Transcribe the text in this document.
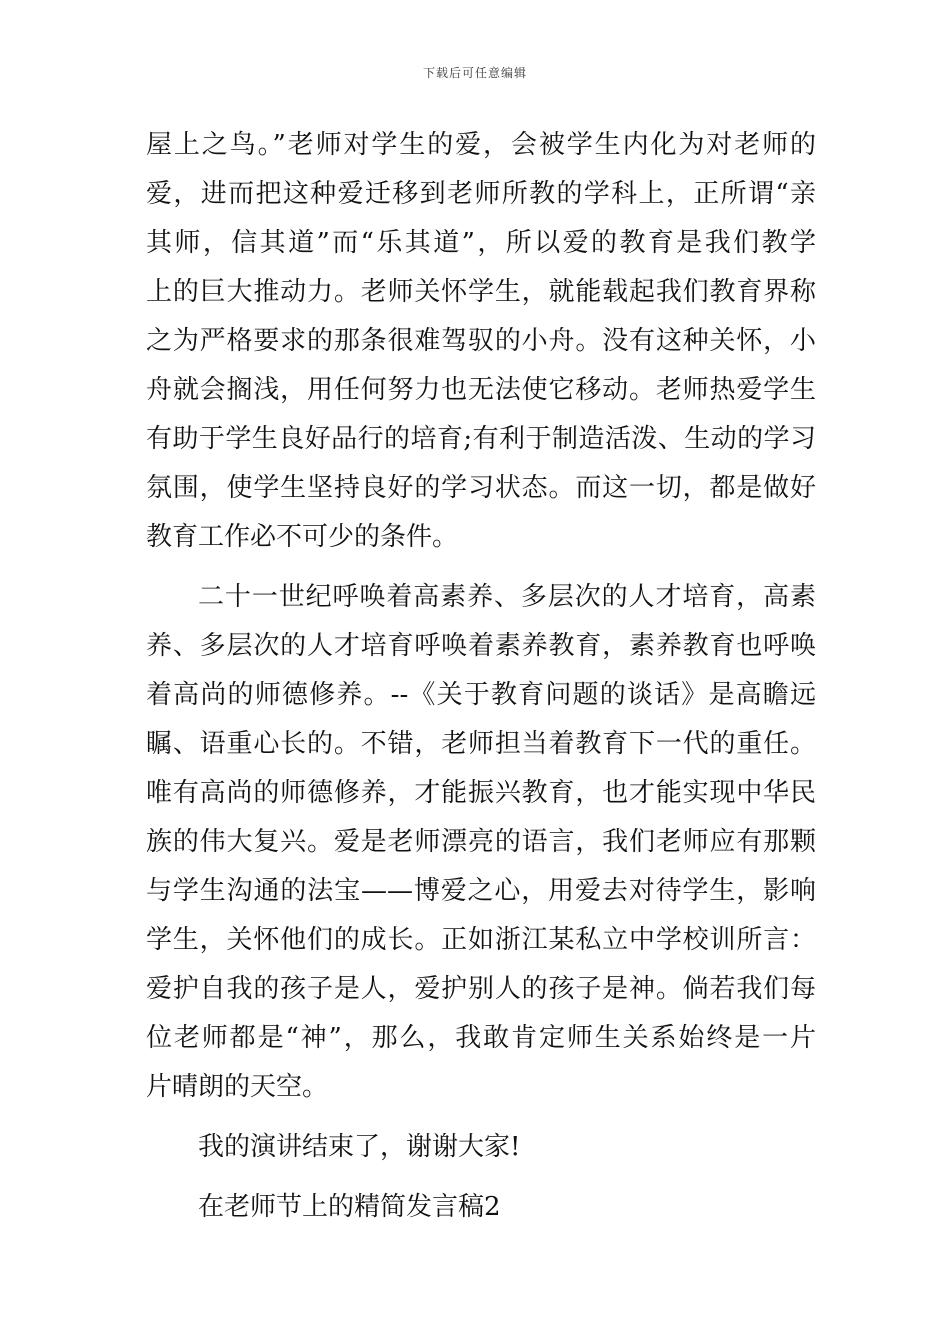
下载后可任意编辑
屋上之鸟。”老师对学生的爱，会被学生内化为对老师的
爱，进而把这种爱迁移到老师所教的学科上，正所谓“亲
其师，信其道”而“乐其道”，所以爱的教育是我们教学
上的巨大推动力。老师关怀学生，就能载起我们教育界称
之为严格要求的那条很难驾驭的小舟。没有这种关怀，小
舟就会搁浅，用任何努力也无法使它移动。老师热爱学生
有助于学生良好品行的培育;有利于制造活泼、生动的学习
氛围，使学生坚持良好的学习状态。而这一切，都是做好
教育工作必不可少的条件。
二十一世纪呼唤着高素养、多层次的人才培育，高素
养、多层次的人才培育呼唤着素养教育，素养教育也呼唤
着高尚的师德修养。--《关于教育问题的谈话》是高瞻远
瞩、语重心长的。不错，老师担当着教育下一代的重任。
唯有高尚的师德修养，才能振兴教育，也才能实现中华民
族的伟大复兴。爱是老师漂亮的语言，我们老师应有那颗
与学生沟通的法宝——博爱之心，用爱去对待学生，影响
学生，关怀他们的成长。正如浙江某私立中学校训所言：
爱护自我的孩子是人，爱护别人的孩子是神。倘若我们每
位老师都是“神”，那么，我敢肯定师生关系始终是一片
片晴朗的天空。
我的演讲结束了，谢谢大家!
在老师节上的精简发言稿2
